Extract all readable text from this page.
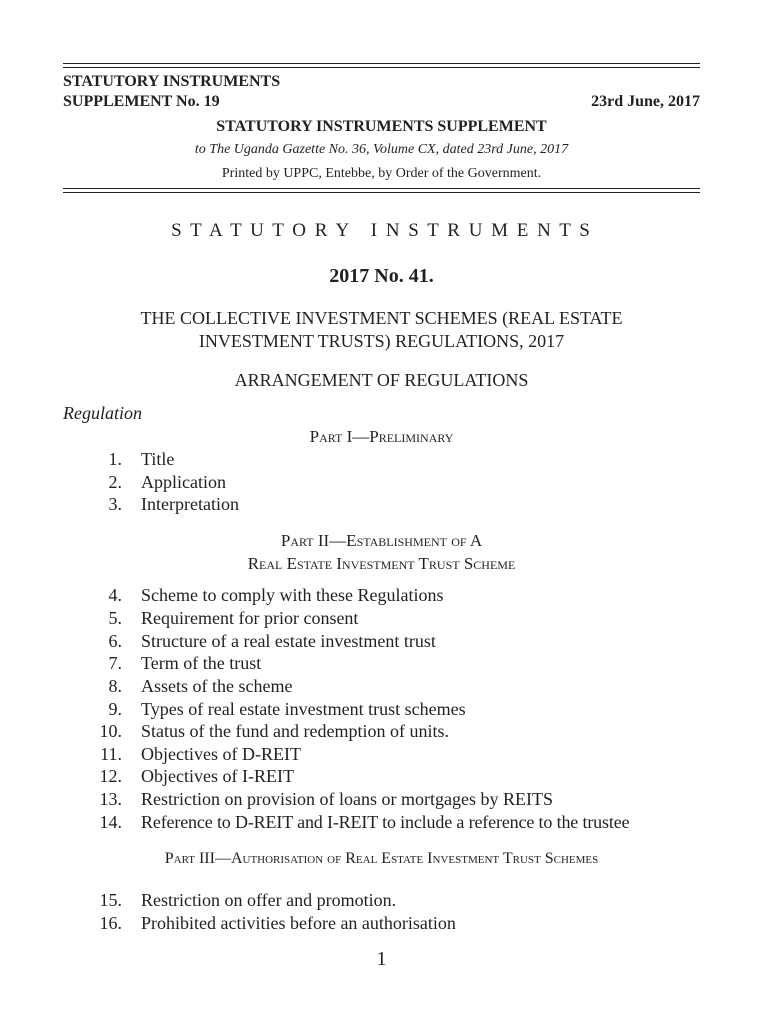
STATUTORY INSTRUMENTS
SUPPLEMENT No. 19	23rd June, 2017
STATUTORY INSTRUMENTS SUPPLEMENT
to The Uganda Gazette No. 36, Volume CX, dated 23rd June, 2017
Printed by UPPC, Entebbe, by Order of the Government.
S T A T U T O R Y   I N S T R U M E N T S
2017 No. 41.
THE COLLECTIVE INVESTMENT SCHEMES (REAL ESTATE
INVESTMENT TRUSTS) REGULATIONS, 2017
ARRANGEMENT OF REGULATIONS
Regulation
Part I—Preliminary
Part II—Establishment of A
Real Estate Investment Trust Scheme
Part III—Authorisation of Real Estate Investment Trust Schemes
1. Title
2. Application
3. Interpretation
4. Scheme to comply with these Regulations
5. Requirement for prior consent
6. Structure of a real estate investment trust
7. Term of the trust
8. Assets of the scheme
9. Types of real estate investment trust schemes
10. Status of the fund and redemption of units.
11. Objectives of D-REIT
12. Objectives of I-REIT
13. Restriction on provision of loans or mortgages by REITS
14. Reference to D-REIT and I-REIT to include a reference to the trustee
15. Restriction on offer and promotion.
16. Prohibited activities before an authorisation
1
